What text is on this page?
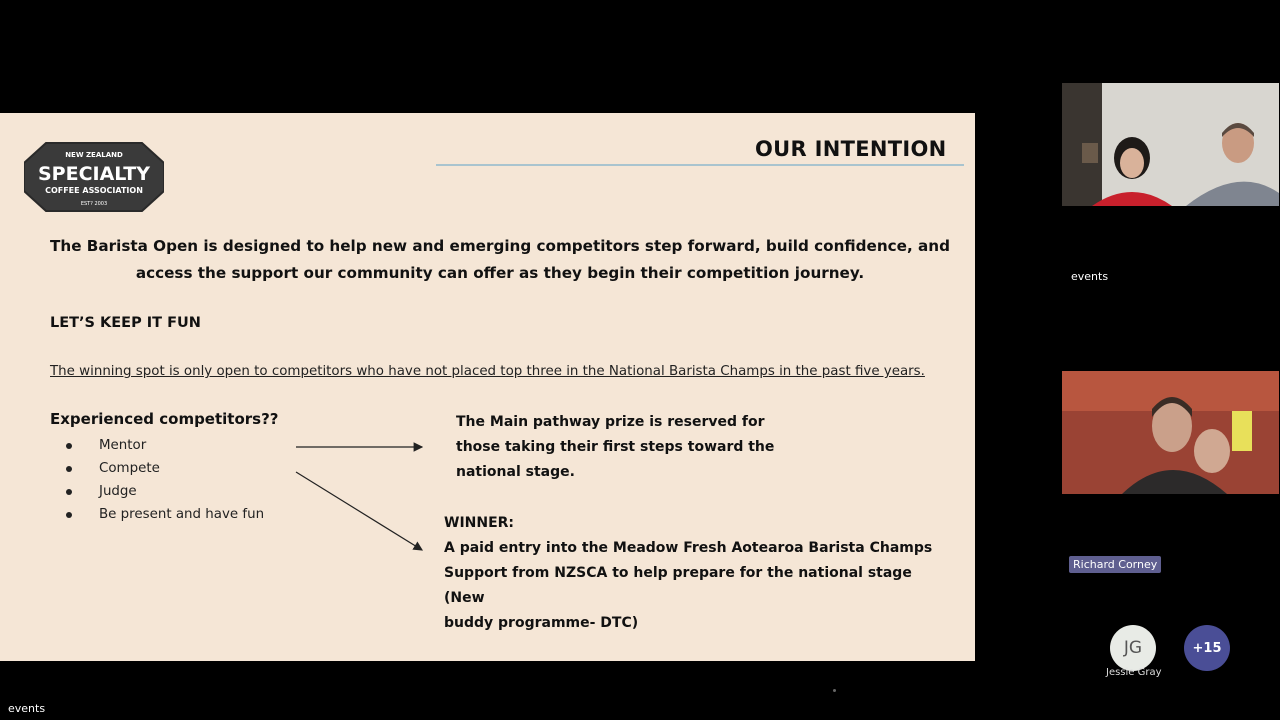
NEW ZEALAND
SPECIALTY
COFFEE ASSOCIATION
EST? 2003
OUR INTENTION

The Barista Open is designed to help new and emerging competitors step forward, build confidence, and

access the support our community can offer as they begin their competition journey.

LET’S KEEP IT FUN
The winning spot is only open to competitors who have not placed top three in the National Barista Champs in the past five years.
Experienced competitors??
Mentor
Compete
Judge
Be present and have fun

The Main pathway prize is reserved for

those taking their first steps toward the

national stage.

WINNER:

A paid entry into the Meadow Fresh Aotearoa Barista Champs

Support from NZSCA to help prepare for the national stage (New

buddy programme- DTC)

events
Richard Corney
JG
Jessie Gray
+15
events
